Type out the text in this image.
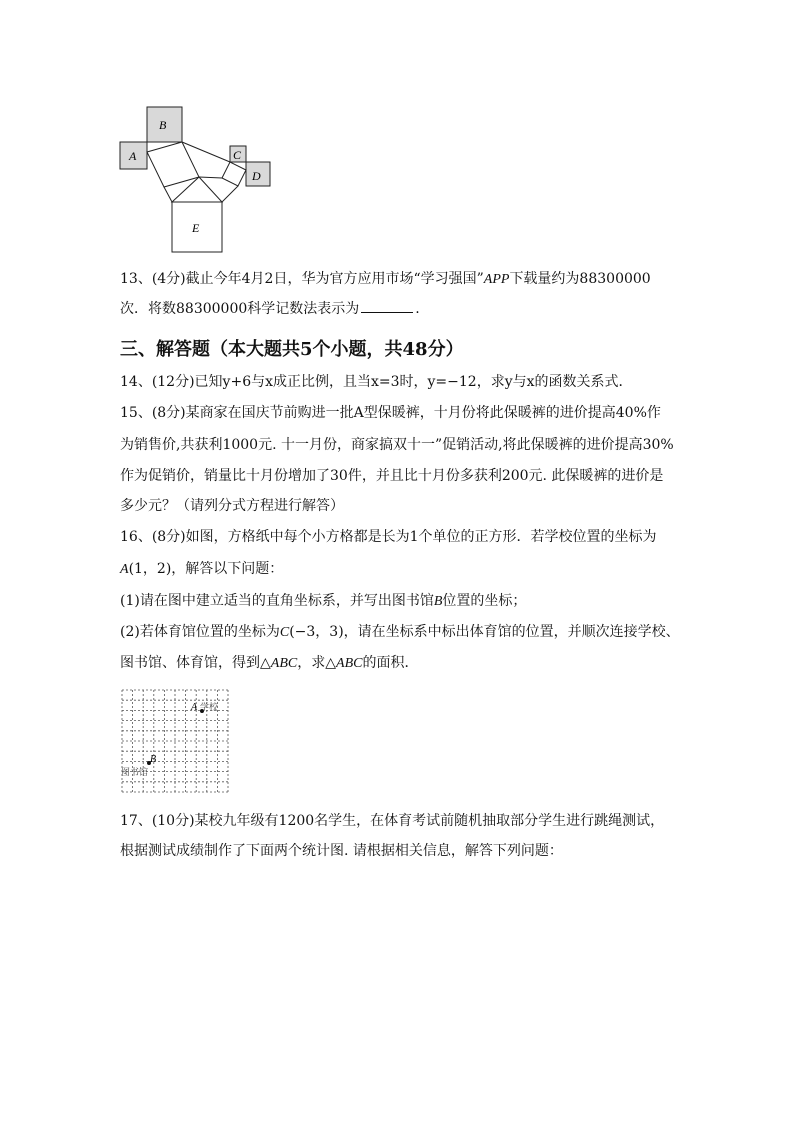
A
B
C
D
E
13、(4分)截止今年4月2日，华为官方应用市场“学习强国”APP下载量约为88300000
次．将数88300000科学记数法表示为	.
三、解答题（本大题共5个小题，共48分）
14、(12分)已知y+6与x成正比例，且当x=3时，y=−12，求y与x的函数关系式．
15、(8分)某商家在国庆节前购进一批A型保暖裤，十月份将此保暖裤的进价提高40%作
为销售价,共获利1000元. 十一月份，商家搞双十一”促销活动,将此保暖裤的进价提高30%
作为促销价，销量比十月份增加了30件，并且比十月份多获利200元. 此保暖裤的进价是
多少元？（请列分式方程进行解答）
16、(8分)如图，方格纸中每个小方格都是长为1个单位的正方形．若学校位置的坐标为
A(1，2)，解答以下问题：
(1)请在图中建立适当的直角坐标系，并写出图书馆B位置的坐标；
(2)若体育馆位置的坐标为C(−3，3)，请在坐标系中标出体育馆的位置，并顺次连接学校、
图书馆、体育馆，得到△ABC，求△ABC的面积．
A 学校
B
图书馆
17、(10分)某校九年级有1200名学生，在体育考试前随机抽取部分学生进行跳绳测试，
根据测试成绩制作了下面两个统计图. 请根据相关信息，解答下列问题：
